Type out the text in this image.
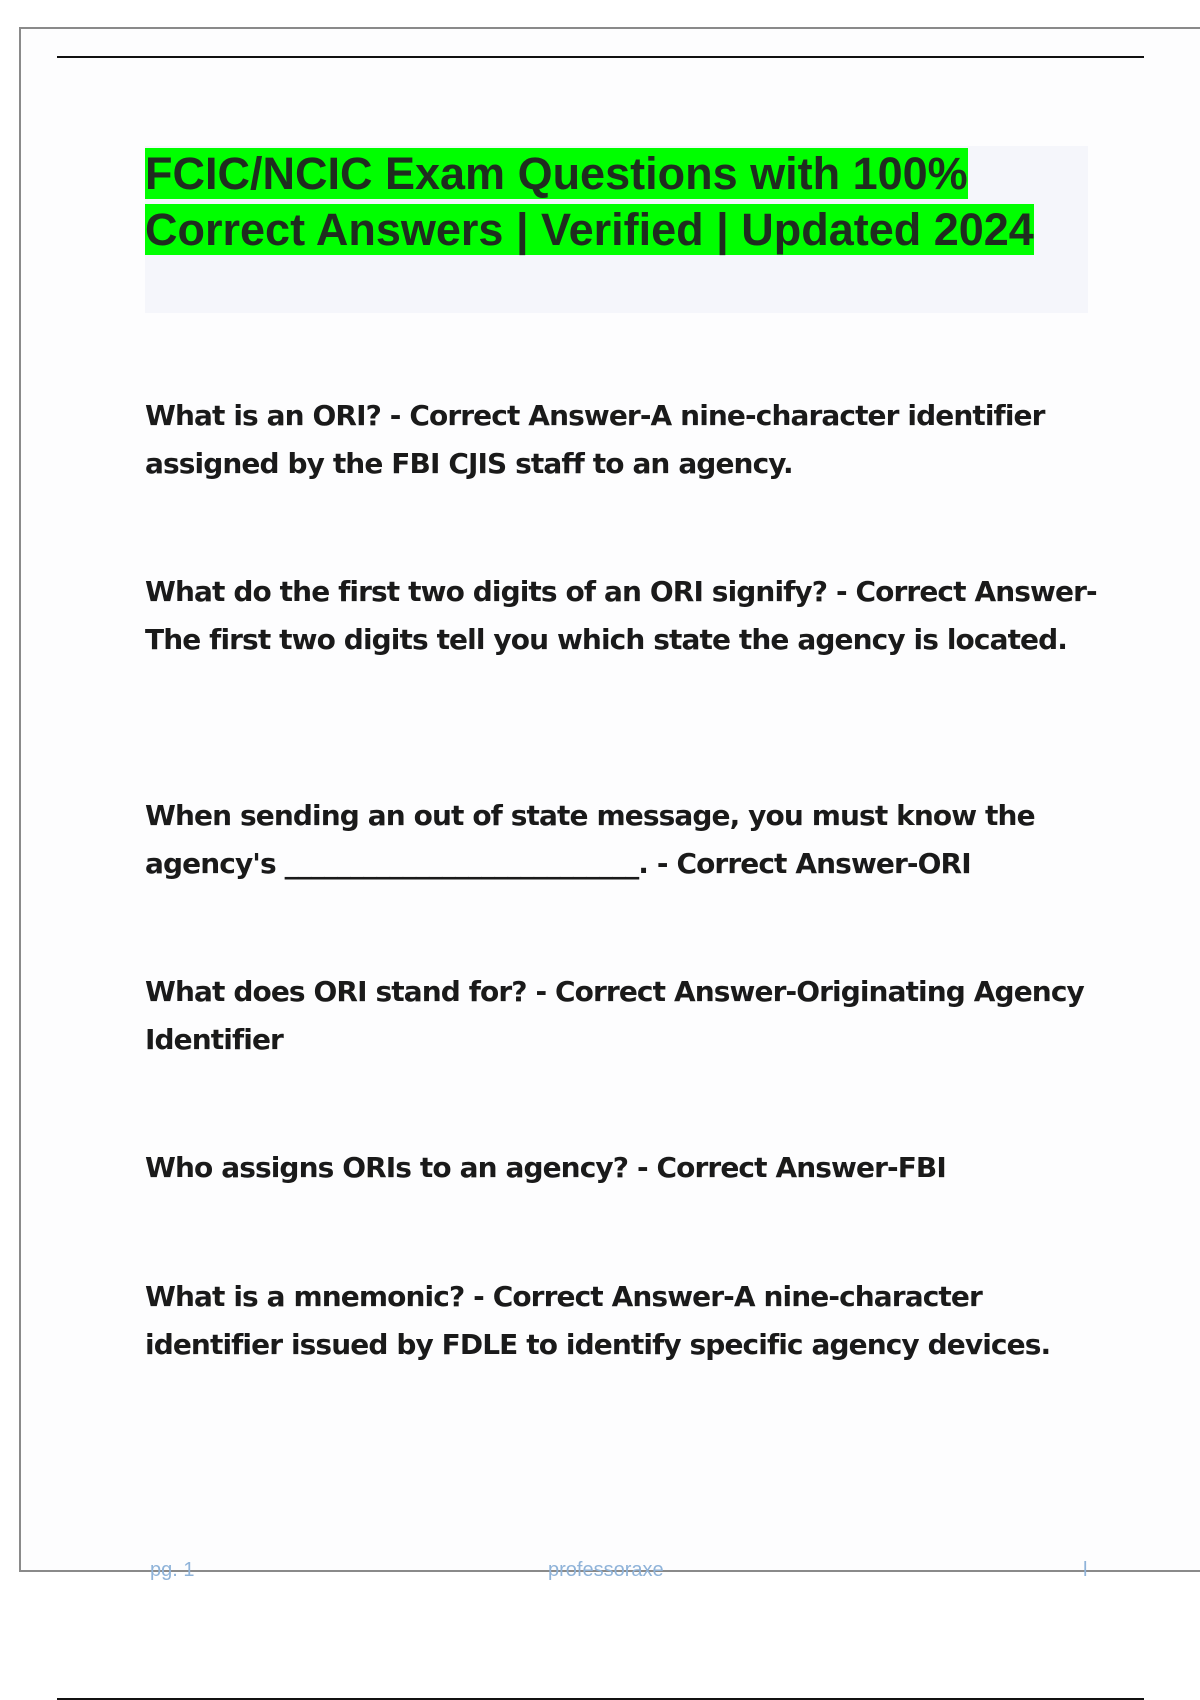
FCIC/NCIC Exam Questions with 100% Correct Answers | Verified | Updated 2024

What is an ORI? - Correct Answer-A nine-character identifier assigned by the FBI CJIS staff to an agency.

What do the first two digits of an ORI signify? - Correct Answer-The first two digits tell you which state the agency is located.

When sending an out of state message, you must know the agency's ___________________________. - Correct Answer-ORI

What does ORI stand for? - Correct Answer-Originating Agency Identifier

Who assigns ORIs to an agency? - Correct Answer-FBI

What is a mnemonic? - Correct Answer-A nine-character identifier issued by FDLE to identify specific agency devices.

pg. 1	professoraxe	l
